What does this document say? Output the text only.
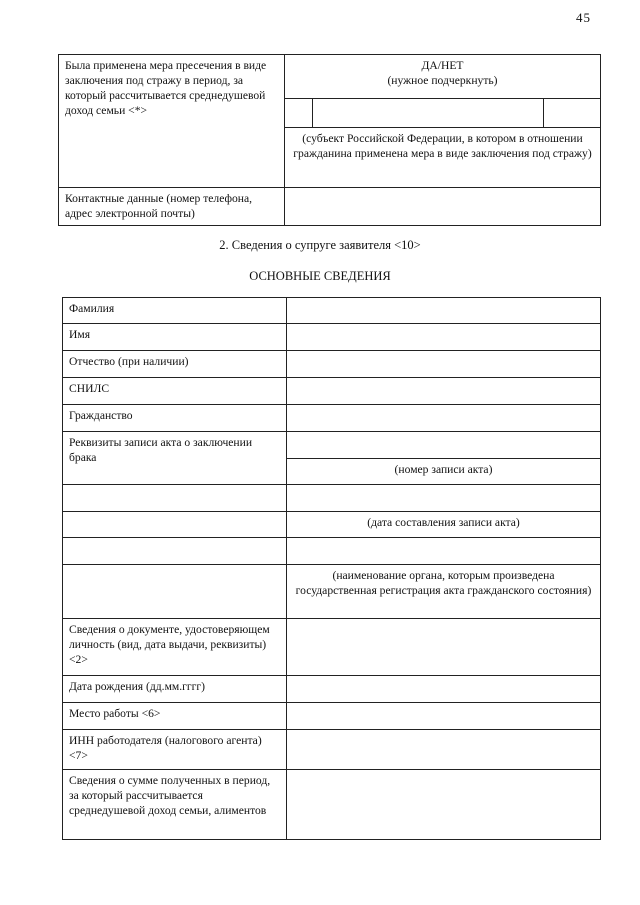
45
Была применена мера пресечения в виде заключения под стражу в период, за который рассчитывается среднедушевой доход семьи <*>	ДА/НЕТ
(нужное подчеркнуть)

	(субъект Российской Федерации, в котором в отношении гражданина применена мера в виде заключения под стражу)
Контактные данные (номер телефона, адрес электронной почты)	
2. Сведения о супруге заявителя <10>
ОСНОВНЫЕ СВЕДЕНИЯ
Фамилия	
Имя	
Отчество (при наличии)	
СНИЛС	
Гражданство	
Реквизиты записи акта о заключении брака	
	(номер записи акта)

	(дата составления записи акта)

	(наименование органа, которым произведена государственная регистрация акта гражданского состояния)
Сведения о документе, удостоверяющем личность (вид, дата выдачи, реквизиты) <2>	
Дата рождения (дд.мм.гггг)	
Место работы <6>	
ИНН работодателя (налогового агента) <7>	
Сведения о сумме полученных в период, за который рассчитывается среднедушевой доход семьи, алиментов	
